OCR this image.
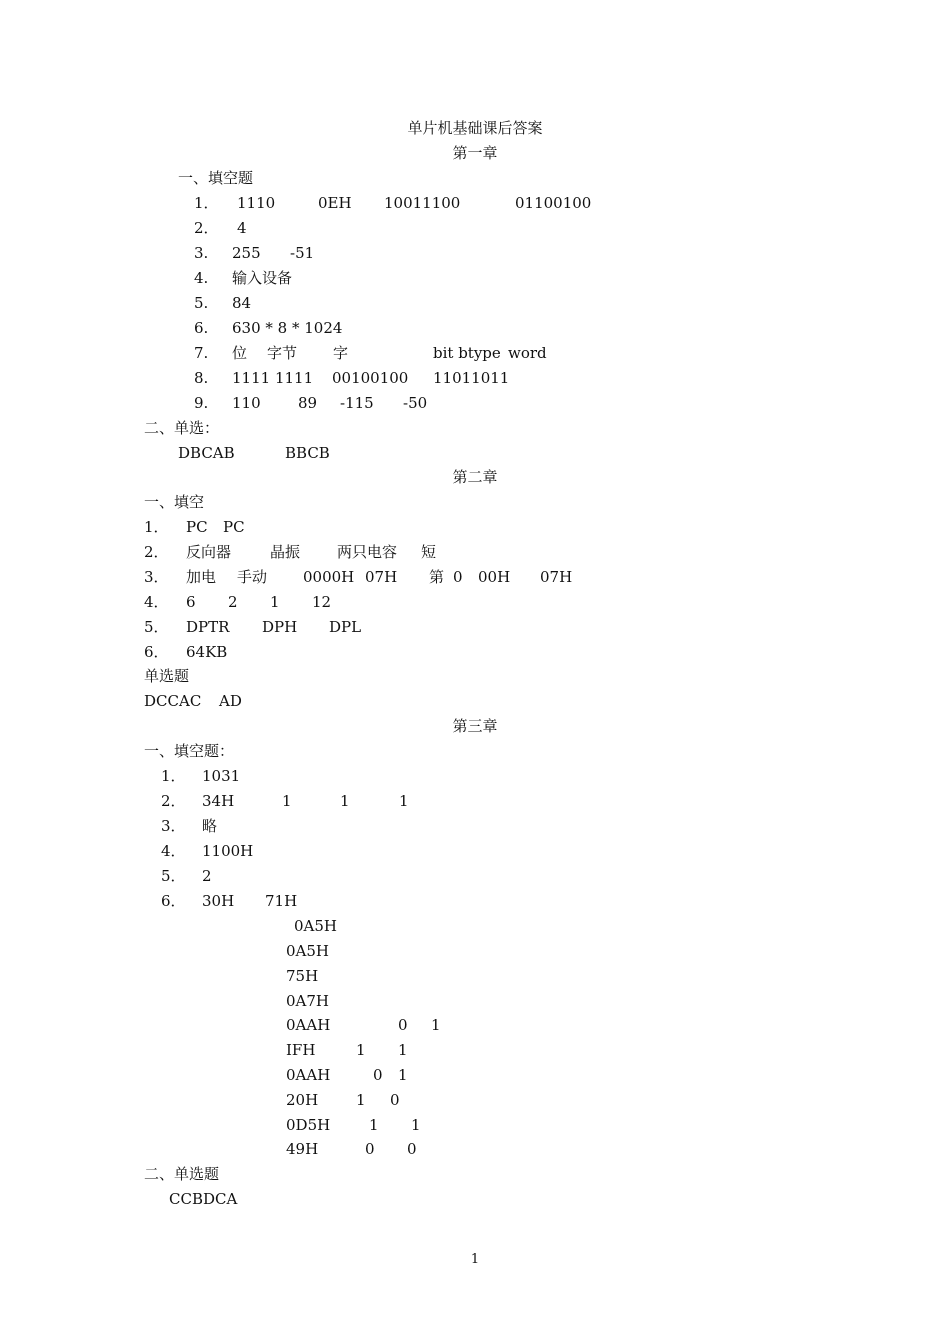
单片机基础课后答案
第一章
一、填空题
1． 1110	0EH 10011100	01100100
2． 4
3. 255 -51
4. 输入设备
5. 84
6. 630 * 8 * 1024
7. 位 字节 字	bit btype word
8. 1111 1111 00100100 11011011
9. 110 89 -115 -50
二、单选：
DBCAB	BBCB
第二章
一、填空
1． PC PC
2． 反向器	晶振 两只电容 短
3． 加电 手动 0000H 07H 第 0 00H 07H
4． 6 2 1 12
5． DPTR DPH DPL
6． 64KB
单选题
DCCAC AD
第三章
一、填空题：
1． 1031
2． 34H	1	1	1
3． 略
4． 1100H
5． 2
6． 30H 71H
0A5H
0A5H
75H
0A7H
0AAH	0 1
IFH	1 1
0AAH	0 1
20H	1 0
0D5H	1 1
49H	0 0
二、单选题
CCBDCA
1
